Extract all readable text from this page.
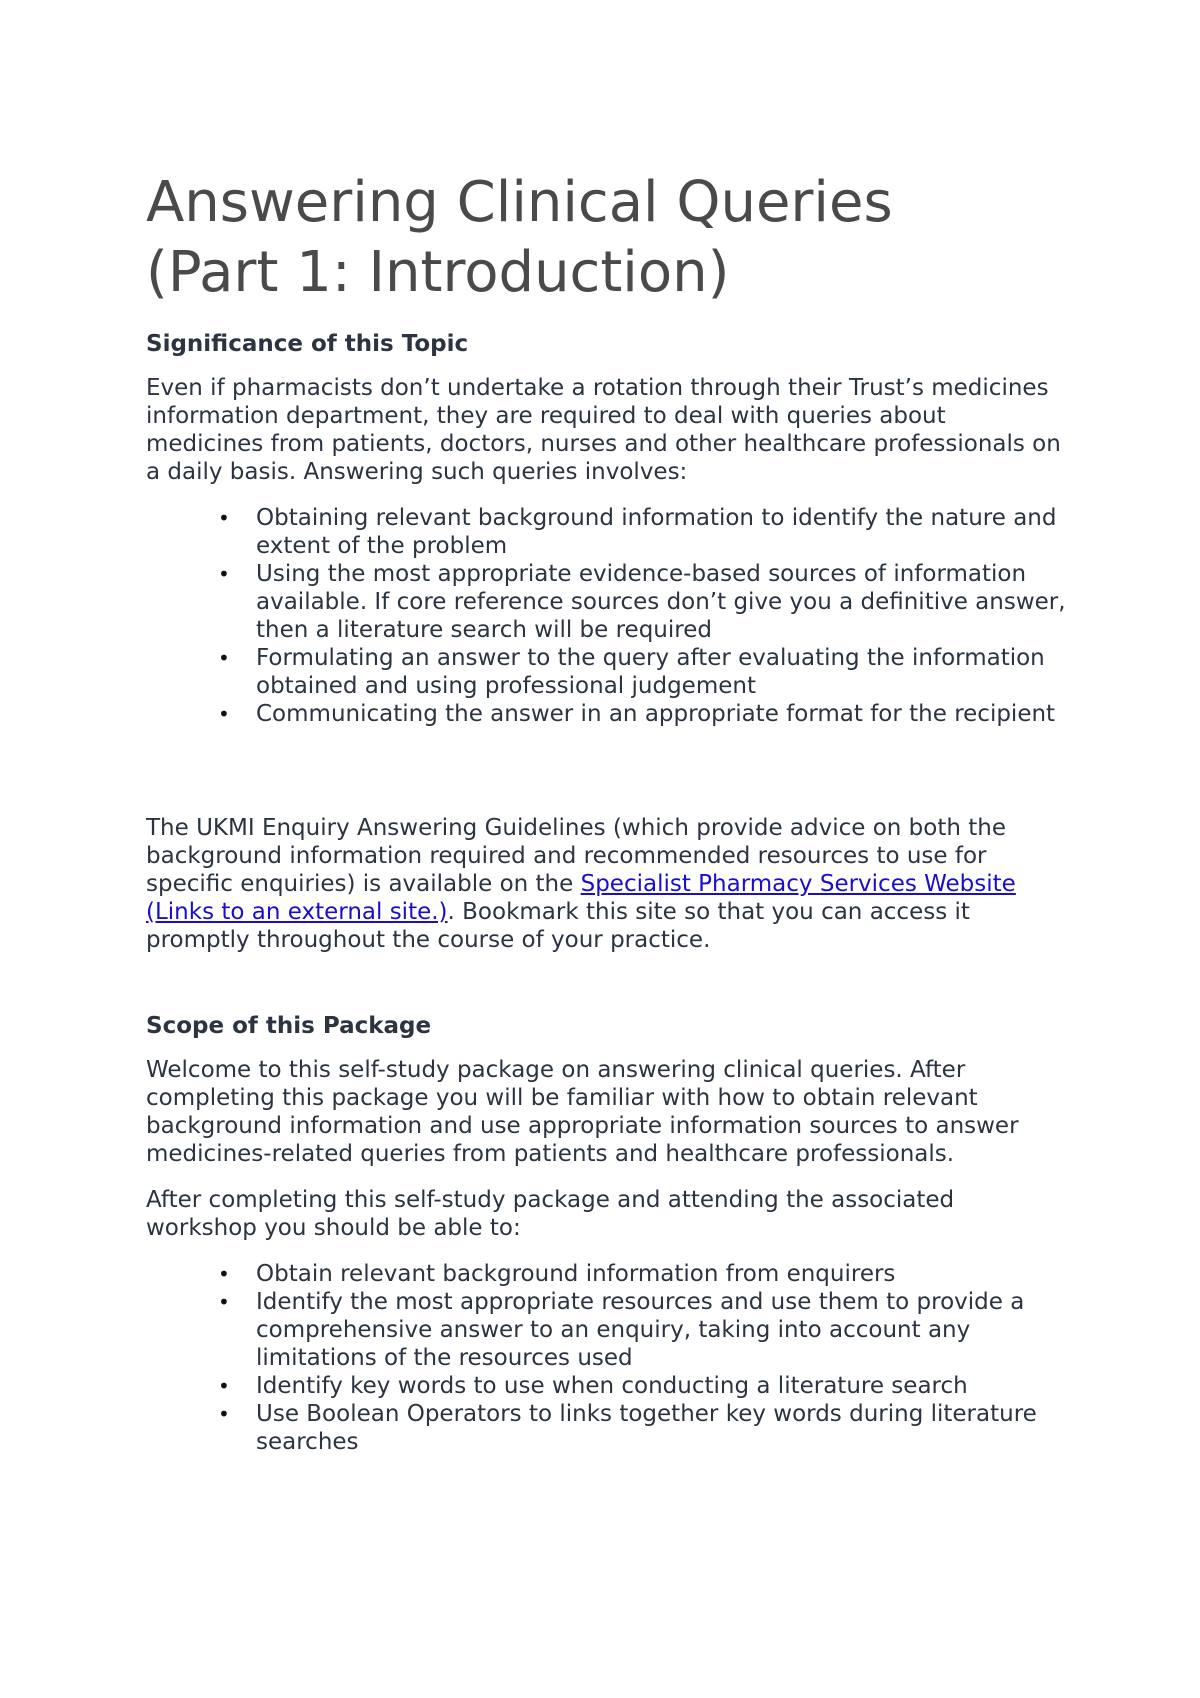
Answering Clinical Queries
(Part 1: Introduction)
Significance of this Topic

Even if pharmacists don’t undertake a rotation through their Trust’s medicines information department, they are required to deal with queries about medicines from patients, doctors, nurses and other healthcare professionals on a daily basis. Answering such queries involves:

• Obtaining relevant background information to identify the nature and extent of the problem
• Using the most appropriate evidence-based sources of information available. If core reference sources don’t give you a definitive answer, then a literature search will be required
• Formulating an answer to the query after evaluating the information obtained and using professional judgement
• Communicating the answer in an appropriate format for the recipient

The UKMI Enquiry Answering Guidelines (which provide advice on both the background information required and recommended resources to use for specific enquiries) is available on the Specialist Pharmacy Services Website (Links to an external site.). Bookmark this site so that you can access it promptly throughout the course of your practice.

Scope of this Package

Welcome to this self-study package on answering clinical queries. After completing this package you will be familiar with how to obtain relevant background information and use appropriate information sources to answer medicines-related queries from patients and healthcare professionals.

After completing this self-study package and attending the associated workshop you should be able to:

• Obtain relevant background information from enquirers
• Identify the most appropriate resources and use them to provide a comprehensive answer to an enquiry, taking into account any limitations of the resources used
• Identify key words to use when conducting a literature search
• Use Boolean Operators to links together key words during literature searches
